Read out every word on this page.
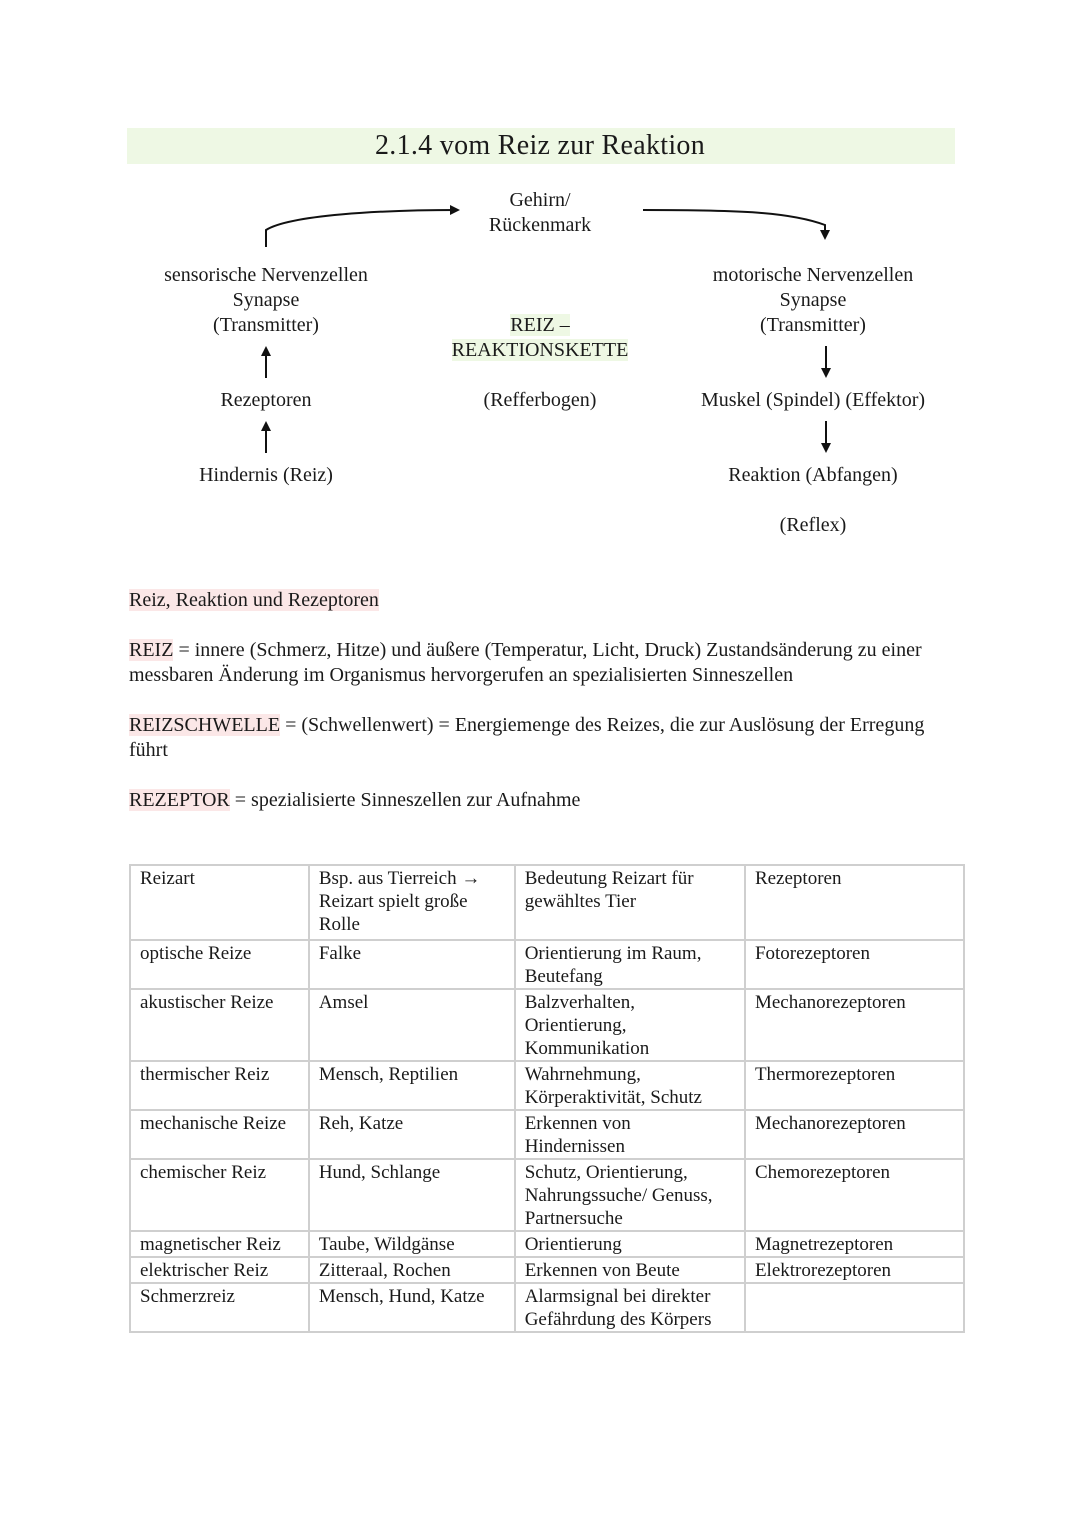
2.1.4 vom Reiz zur Reaktion
Gehirn/
Rückenmark
sensorische Nervenzellen
Synapse
(Transmitter)
Rezeptoren
Hindernis (Reiz)
REIZ –
REAKTIONSKETTE
(Refferbogen)
motorische Nervenzellen
Synapse
(Transmitter)
Muskel (Spindel) (Effektor)
Reaktion (Abfangen)
(Reflex)
Reiz, Reaktion und Rezeptoren
REIZ = innere (Schmerz, Hitze) und äußere (Temperatur, Licht, Druck) Zustandsänderung zu einer messbaren Änderung im Organismus hervorgerufen an spezialisierten Sinneszellen
REIZSCHWELLE = (Schwellenwert) = Energiemenge des Reizes, die zur Auslösung der Erregung führt
REZEPTOR = spezialisierte Sinneszellen zur Aufnahme
Reizart	Bsp. aus Tierreich → Reizart spielt große Rolle	Bedeutung Reizart für gewähltes Tier	Rezeptoren
optische Reize	Falke	Orientierung im Raum, Beutefang	Fotorezeptoren
akustischer Reize	Amsel	Balzverhalten, Orientierung, Kommunikation	Mechanorezeptoren
thermischer Reiz	Mensch, Reptilien	Wahrnehmung, Körperaktivität, Schutz	Thermorezeptoren
mechanische Reize	Reh, Katze	Erkennen von Hindernissen	Mechanorezeptoren
chemischer Reiz	Hund, Schlange	Schutz, Orientierung, Nahrungssuche/ Genuss, Partnersuche	Chemorezeptoren
magnetischer Reiz	Taube, Wildgänse	Orientierung	Magnetrezeptoren
elektrischer Reiz	Zitteraal, Rochen	Erkennen von Beute	Elektrorezeptoren
Schmerzreiz	Mensch, Hund, Katze	Alarmsignal bei direkter Gefährdung des Körpers	
